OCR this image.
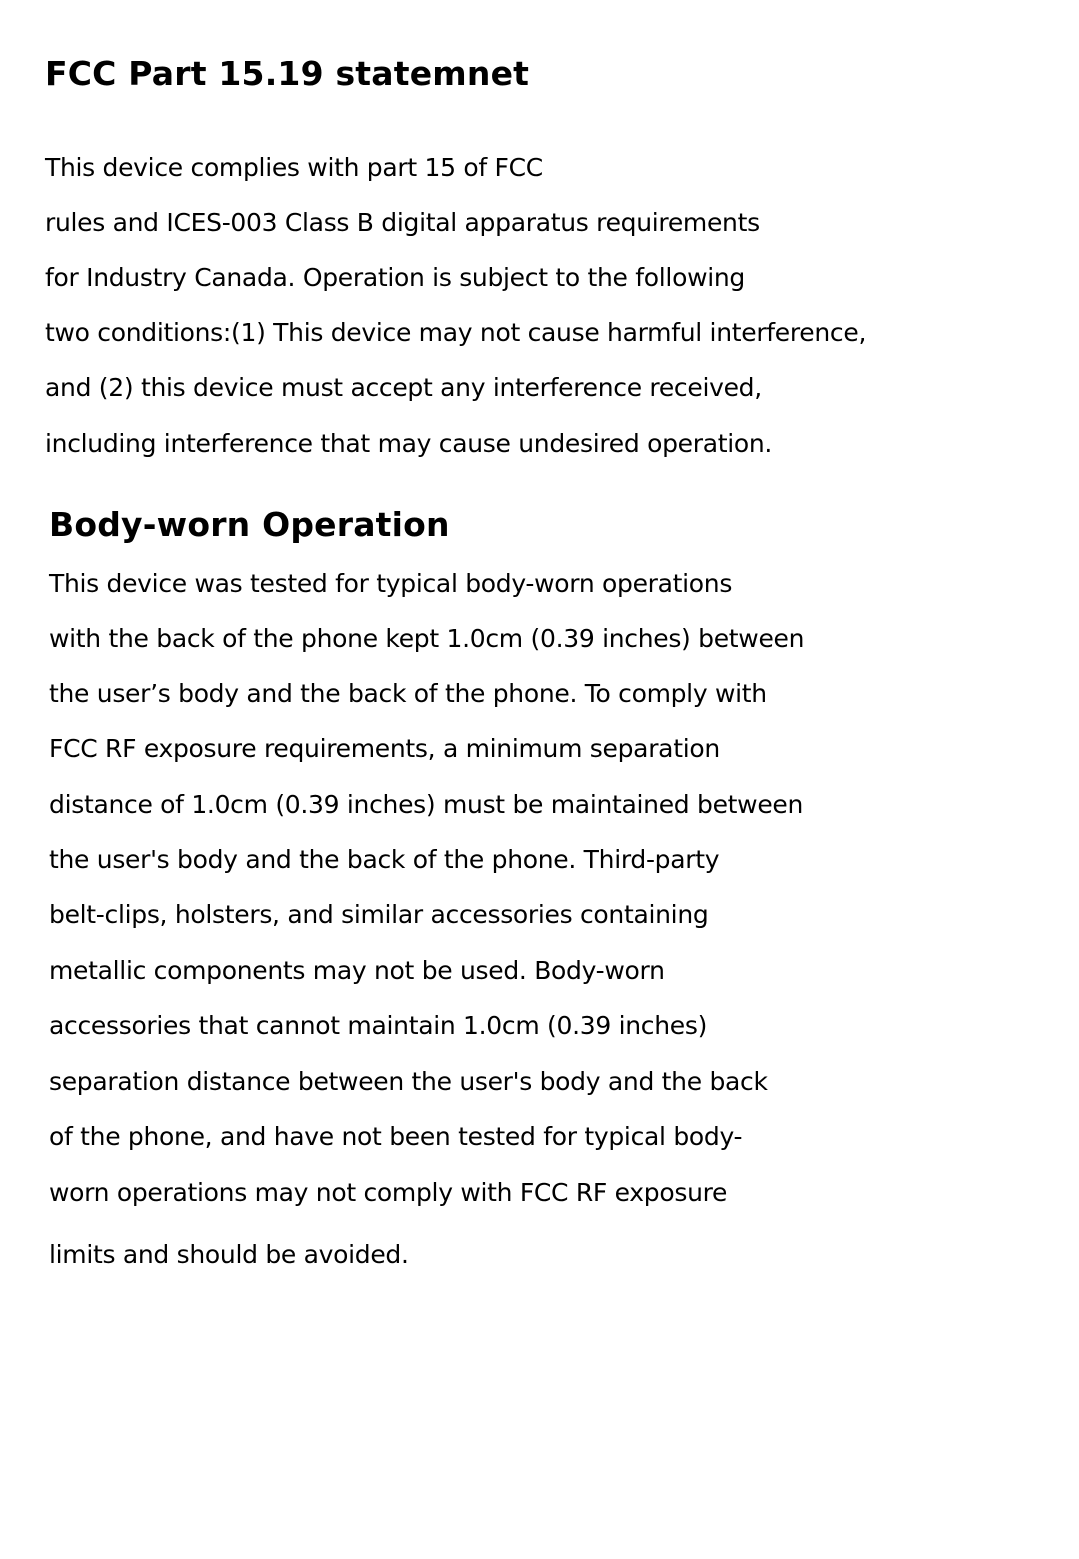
FCC Part 15.19 statemnet

This device complies with part 15 of FCC

rules and ICES-003 Class B digital apparatus requirements

for Industry Canada. Operation is subject to the following

two conditions:(1) This device may not cause harmful interference,

and (2) this device must accept any interference received,

including interference that may cause undesired operation.

Body-worn Operation

This device was tested for typical body-worn operations

with the back of the phone kept 1.0cm (0.39 inches) between

the user’s body and the back of the phone. To comply with

FCC RF exposure requirements, a minimum separation

distance of 1.0cm (0.39 inches) must be maintained between

the user's body and the back of the phone. Third-party

belt-clips, holsters, and similar accessories containing

metallic components may not be used. Body-worn

accessories that cannot maintain 1.0cm (0.39 inches)

separation distance between the user's body and the back

of the phone, and have not been tested for typical body-

worn operations may not comply with FCC RF exposure

limits and should be avoided.
